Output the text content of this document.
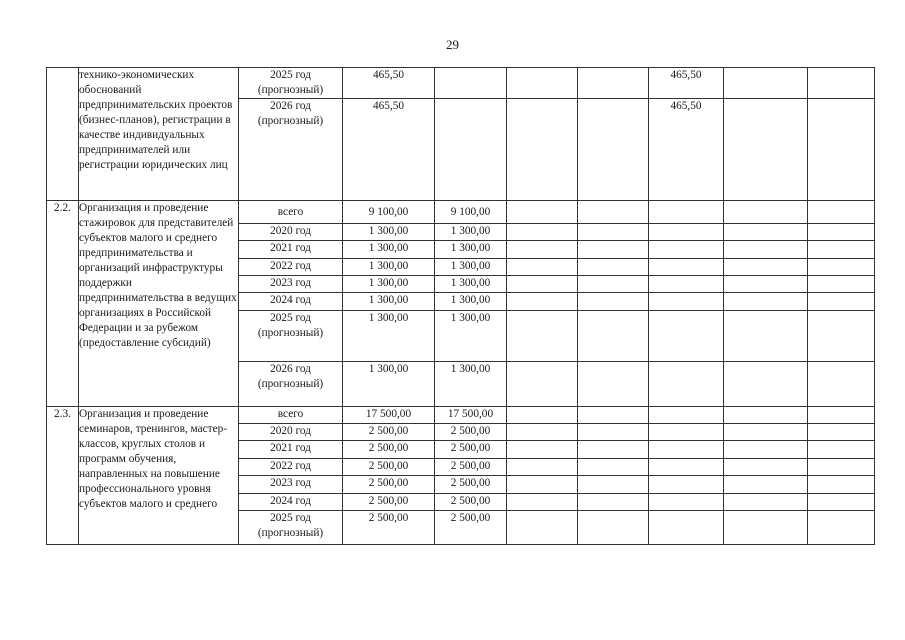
29
	технико-экономических обоснований предпринимательских проектов (бизнес-планов), регистрации в качестве индивидуальных предпринимателей или регистрации юридических лиц	2025 год (прогнозный)	465,50				465,50		
		2026 год (прогнозный)	465,50				465,50		
2.2.	Организация и проведение стажировок для представителей субъектов малого и среднего предпринимательства и организаций инфраструктуры поддержки предпринимательства в ведущих организациях в Российской Федерации и за рубежом (предоставление субсидий)	всего	9 100,00	9 100,00					
		2020 год	1 300,00	1 300,00					
		2021 год	1 300,00	1 300,00					
		2022 год	1 300,00	1 300,00					
		2023 год	1 300,00	1 300,00					
		2024 год	1 300,00	1 300,00					
		2025 год (прогнозный)	1 300,00	1 300,00					
		2026 год (прогнозный)	1 300,00	1 300,00					
2.3.	Организация и проведение семинаров, тренингов, мастер-классов, круглых столов и программ обучения, направленных на повышение профессионального уровня субъектов малого и среднего	всего	17 500,00	17 500,00					
		2020 год	2 500,00	2 500,00					
		2021 год	2 500,00	2 500,00					
		2022 год	2 500,00	2 500,00					
		2023 год	2 500,00	2 500,00					
		2024 год	2 500,00	2 500,00					
		2025 год (прогнозный)	2 500,00	2 500,00					
